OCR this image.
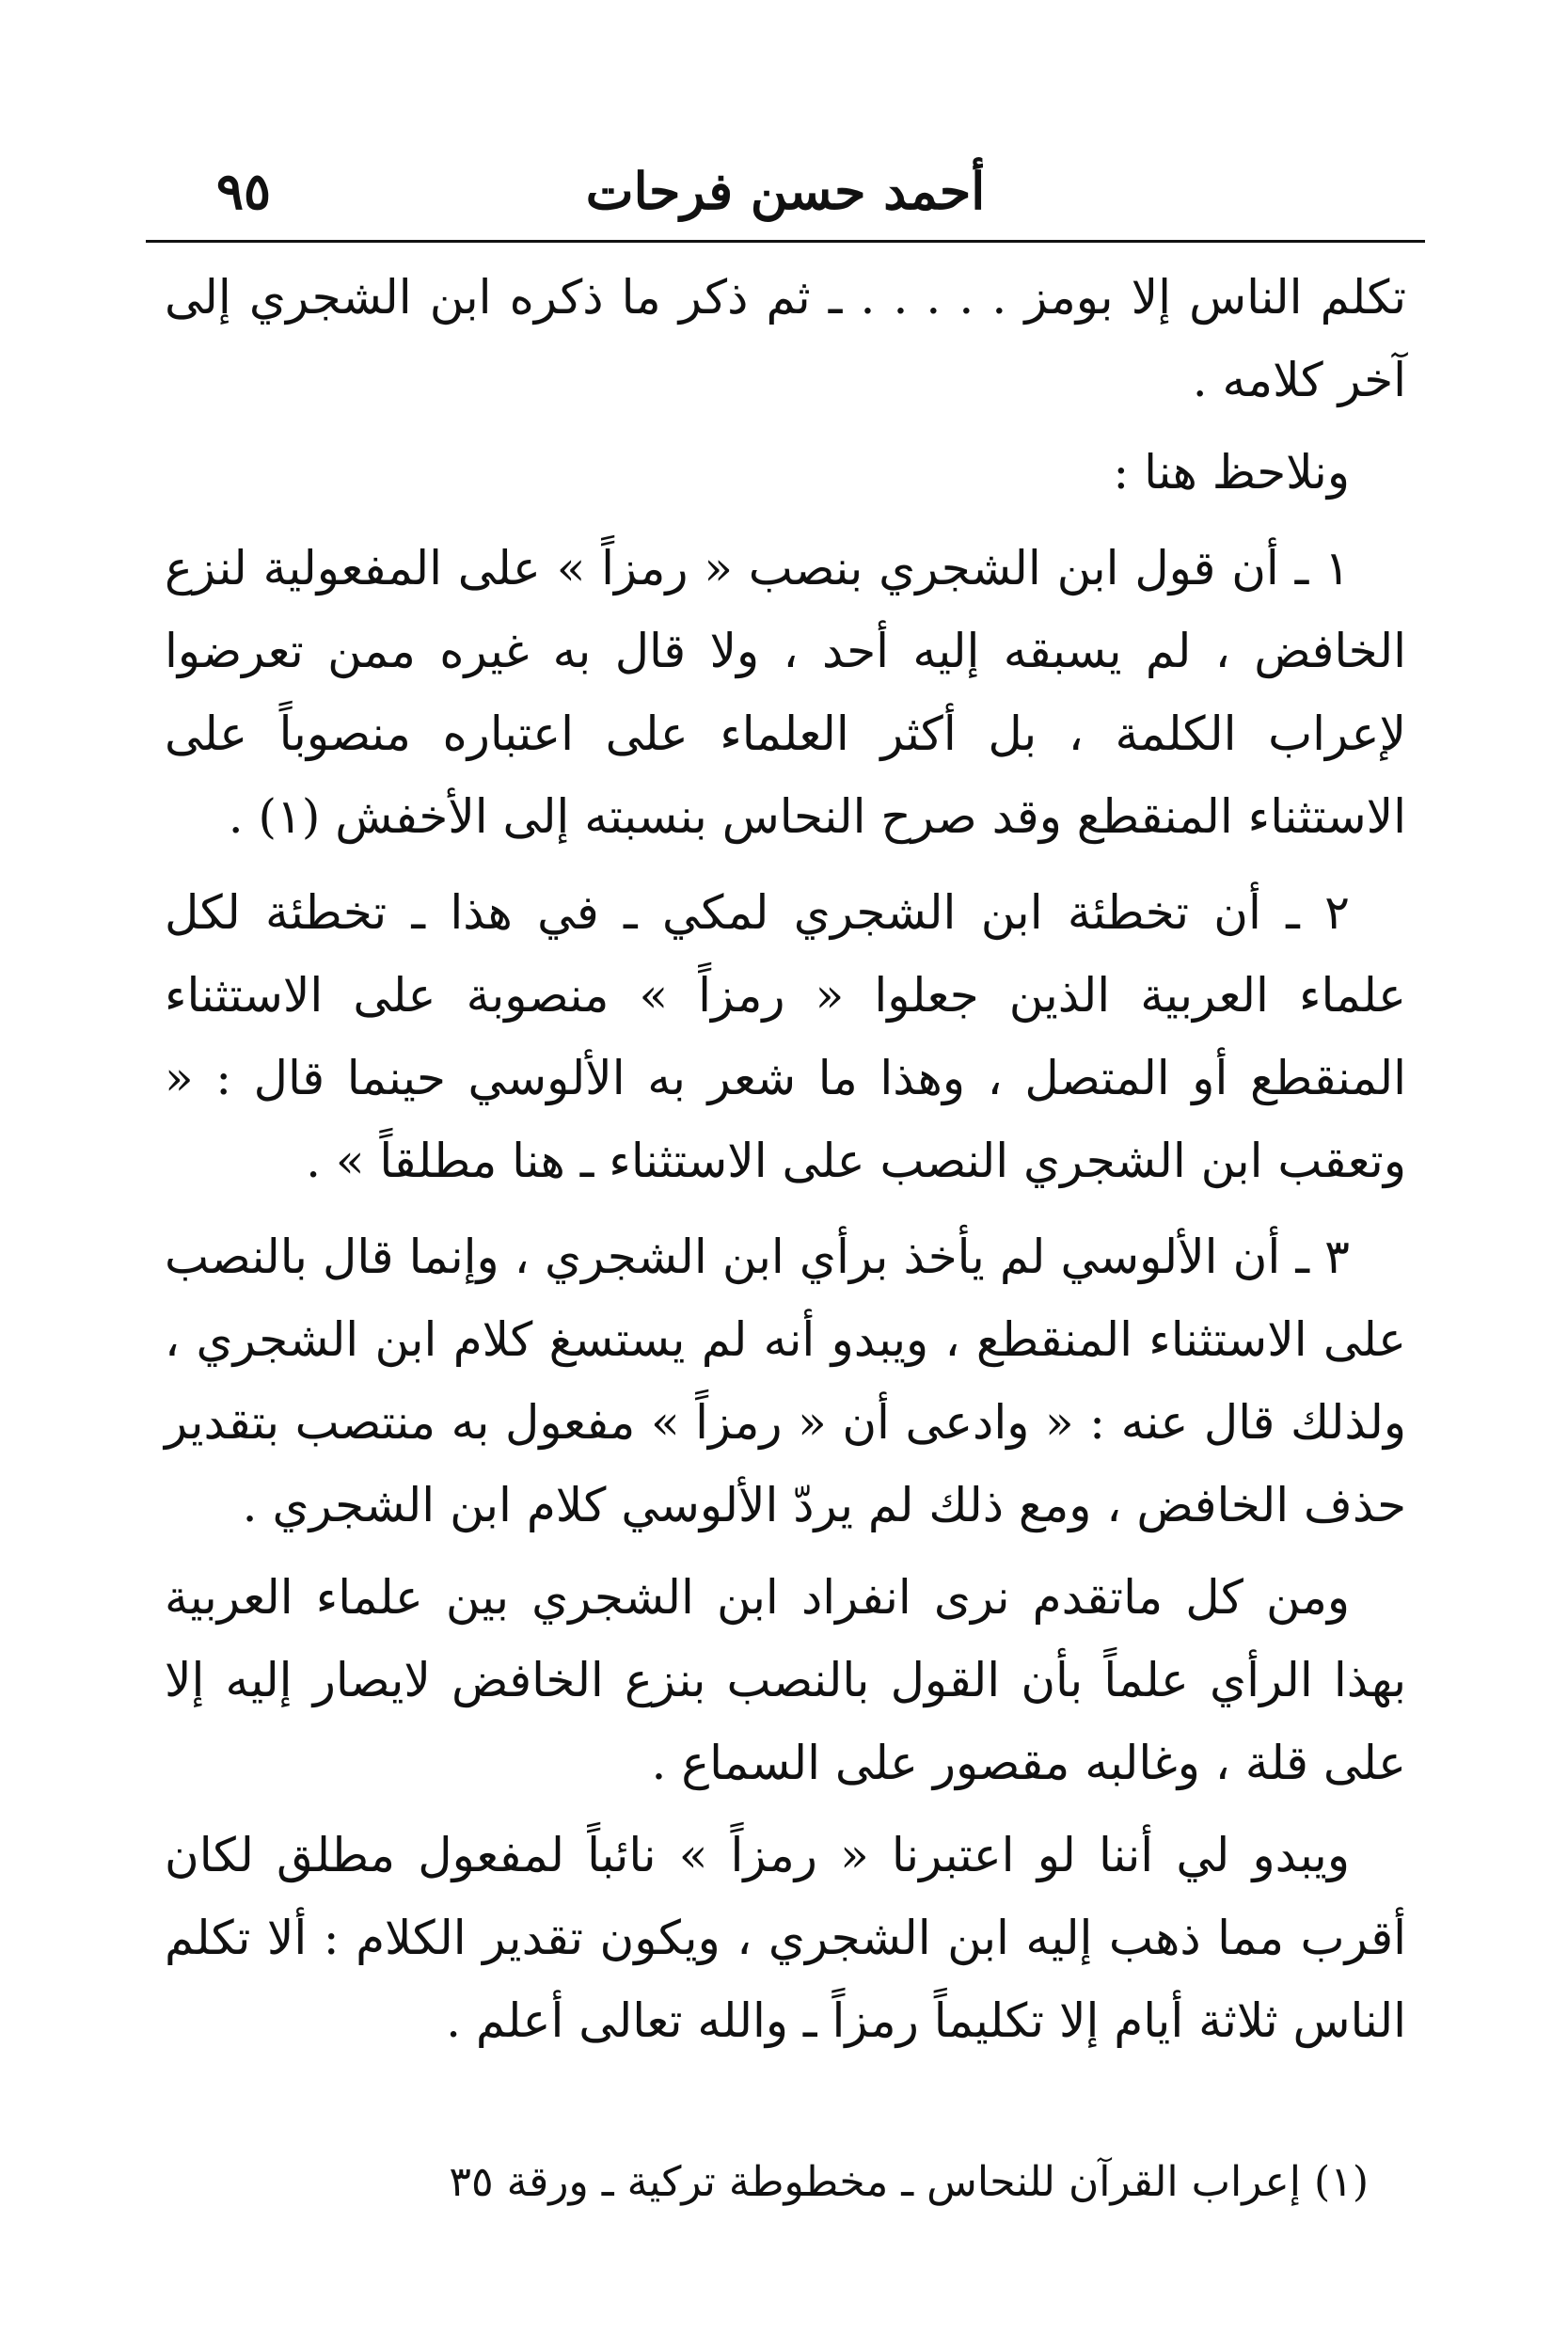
أحمد حسن فرحات
٩٥

تكلم الناس إلا بومز . . . . . ـ ثم ذكر ما ذكره ابن الشجري إلى آخر كلامه .

ونلاحظ هنا :

١ ـ أن قول ابن الشجري بنصب « رمزاً » على المفعولية لنزع الخافض ، لم يسبقه إليه أحد ، ولا قال به غيره ممن تعرضوا لإعراب الكلمة ، بل أكثر العلماء على اعتباره منصوباً على الاستثناء المنقطع وقد صرح النحاس بنسبته إلى الأخفش (١) .

٢ ـ أن تخطئة ابن الشجري لمكي ـ في هذا ـ تخطئة لكل علماء العربية الذين جعلوا « رمزاً » منصوبة على الاستثناء المنقطع أو المتصل ، وهذا ما شعر به الألوسي حينما قال : « وتعقب ابن الشجري النصب على الاستثناء ـ هنا مطلقاً » .

٣ ـ أن الألوسي لم يأخذ برأي ابن الشجري ، وإنما قال بالنصب على الاستثناء المنقطع ، ويبدو أنه لم يستسغ كلام ابن الشجري ، ولذلك قال عنه : « وادعى أن « رمزاً » مفعول به منتصب بتقدير حذف الخافض ، ومع ذلك لم يردّ الألوسي كلام ابن الشجري .

ومن كل ماتقدم نرى انفراد ابن الشجري بين علماء العربية بهذا الرأي علماً بأن القول بالنصب بنزع الخافض لايصار إليه إلا على قلة ، وغالبه مقصور على السماع .

ويبدو لي أننا لو اعتبرنا « رمزاً » نائباً لمفعول مطلق لكان أقرب مما ذهب إليه ابن الشجري ، ويكون تقدير الكلام : ألا تكلم الناس ثلاثة أيام إلا تكليماً رمزاً ـ والله تعالى أعلم .

(١) إعراب القرآن للنحاس ـ مخطوطة تركية ـ ورقة ٣٥
